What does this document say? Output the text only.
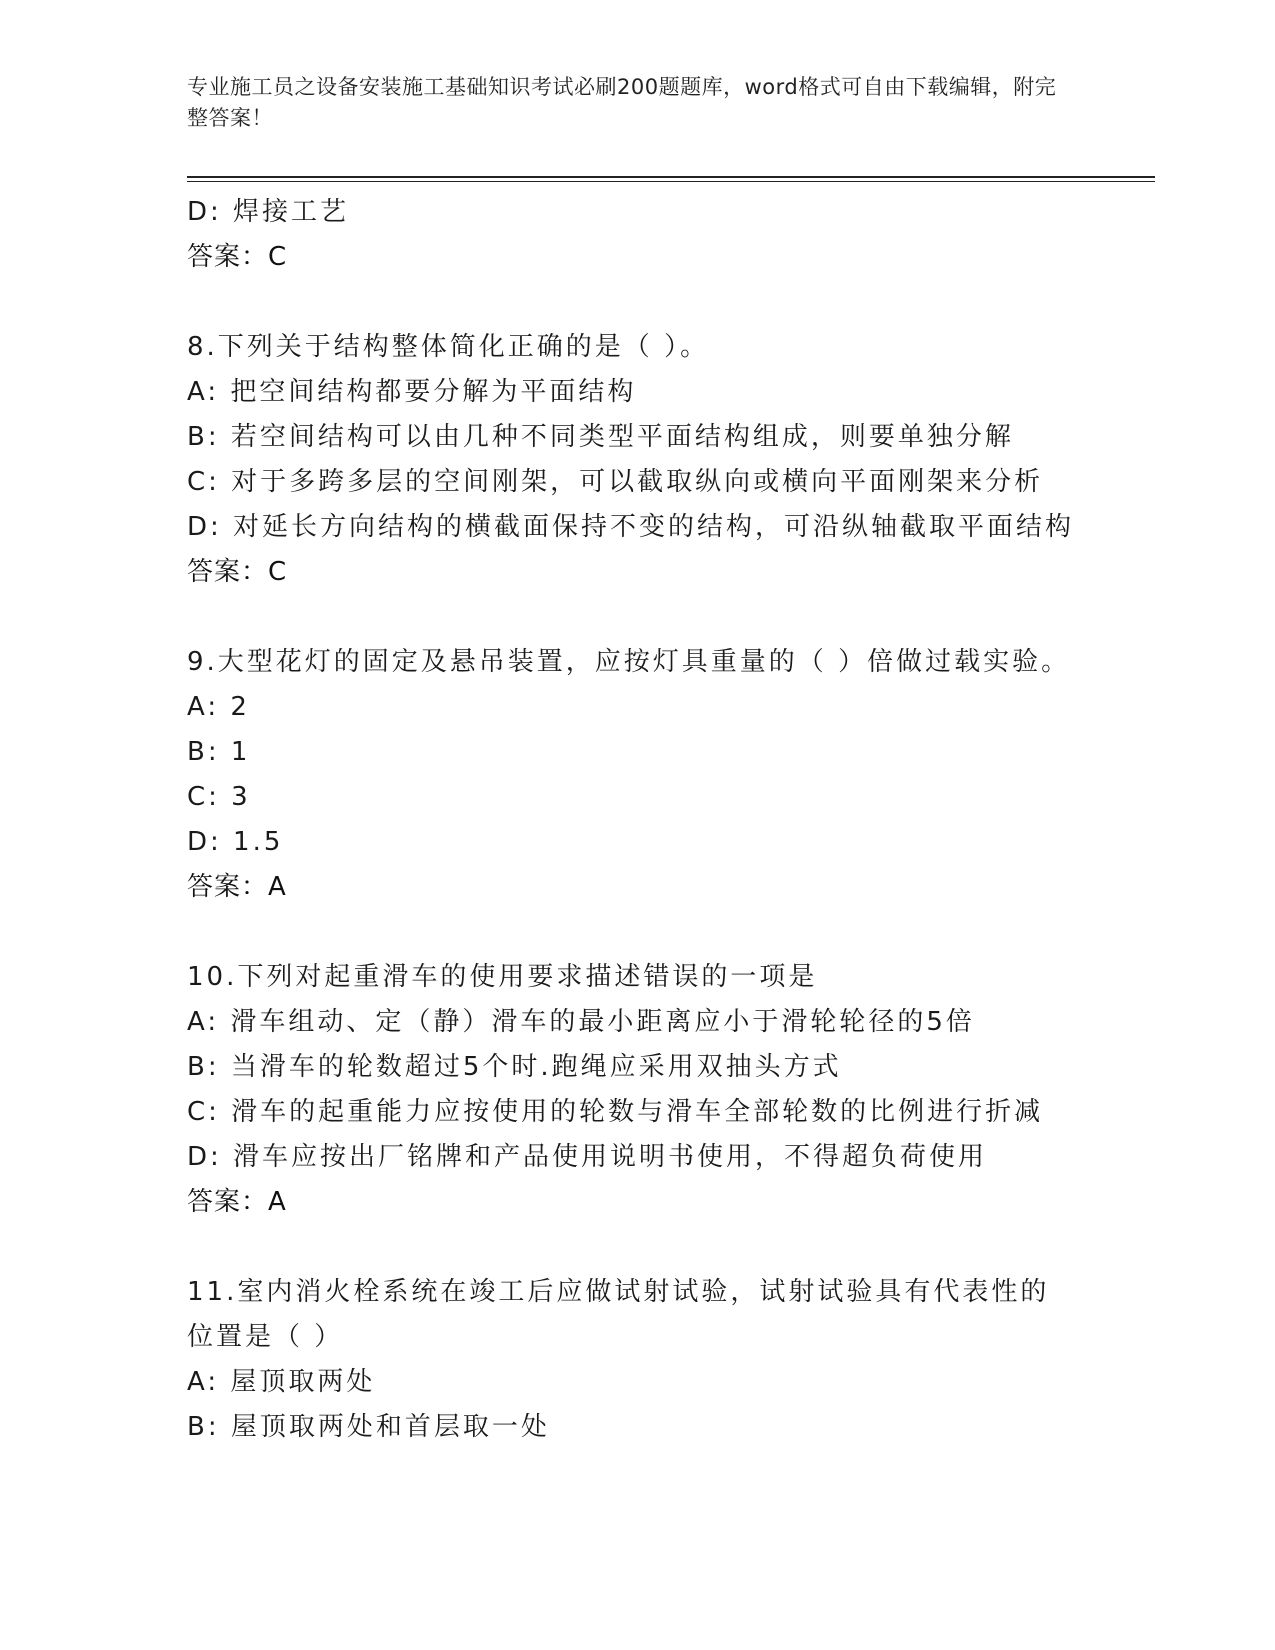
专业施工员之设备安装施工基础知识考试必刷200题题库，word格式可自由下载编辑，附完整答案！
D: 焊接工艺
答案：C
8.下列关于结构整体简化正确的是（ ）。
A: 把空间结构都要分解为平面结构
B: 若空间结构可以由几种不同类型平面结构组成，则要单独分解
C: 对于多跨多层的空间刚架，可以截取纵向或横向平面刚架来分析
D: 对延长方向结构的横截面保持不变的结构，可沿纵轴截取平面结构
答案：C
9.大型花灯的固定及悬吊装置，应按灯具重量的（ ）倍做过载实验。
A: 2
B: 1
C: 3
D: 1.5
答案：A
10.下列对起重滑车的使用要求描述错误的一项是
A: 滑车组动、定（静）滑车的最小距离应小于滑轮轮径的5倍
B: 当滑车的轮数超过5个时.跑绳应采用双抽头方式
C: 滑车的起重能力应按使用的轮数与滑车全部轮数的比例进行折减
D: 滑车应按出厂铭牌和产品使用说明书使用，不得超负荷使用
答案：A
11.室内消火栓系统在竣工后应做试射试验，试射试验具有代表性的位置是（ ）
A: 屋顶取两处
B: 屋顶取两处和首层取一处
